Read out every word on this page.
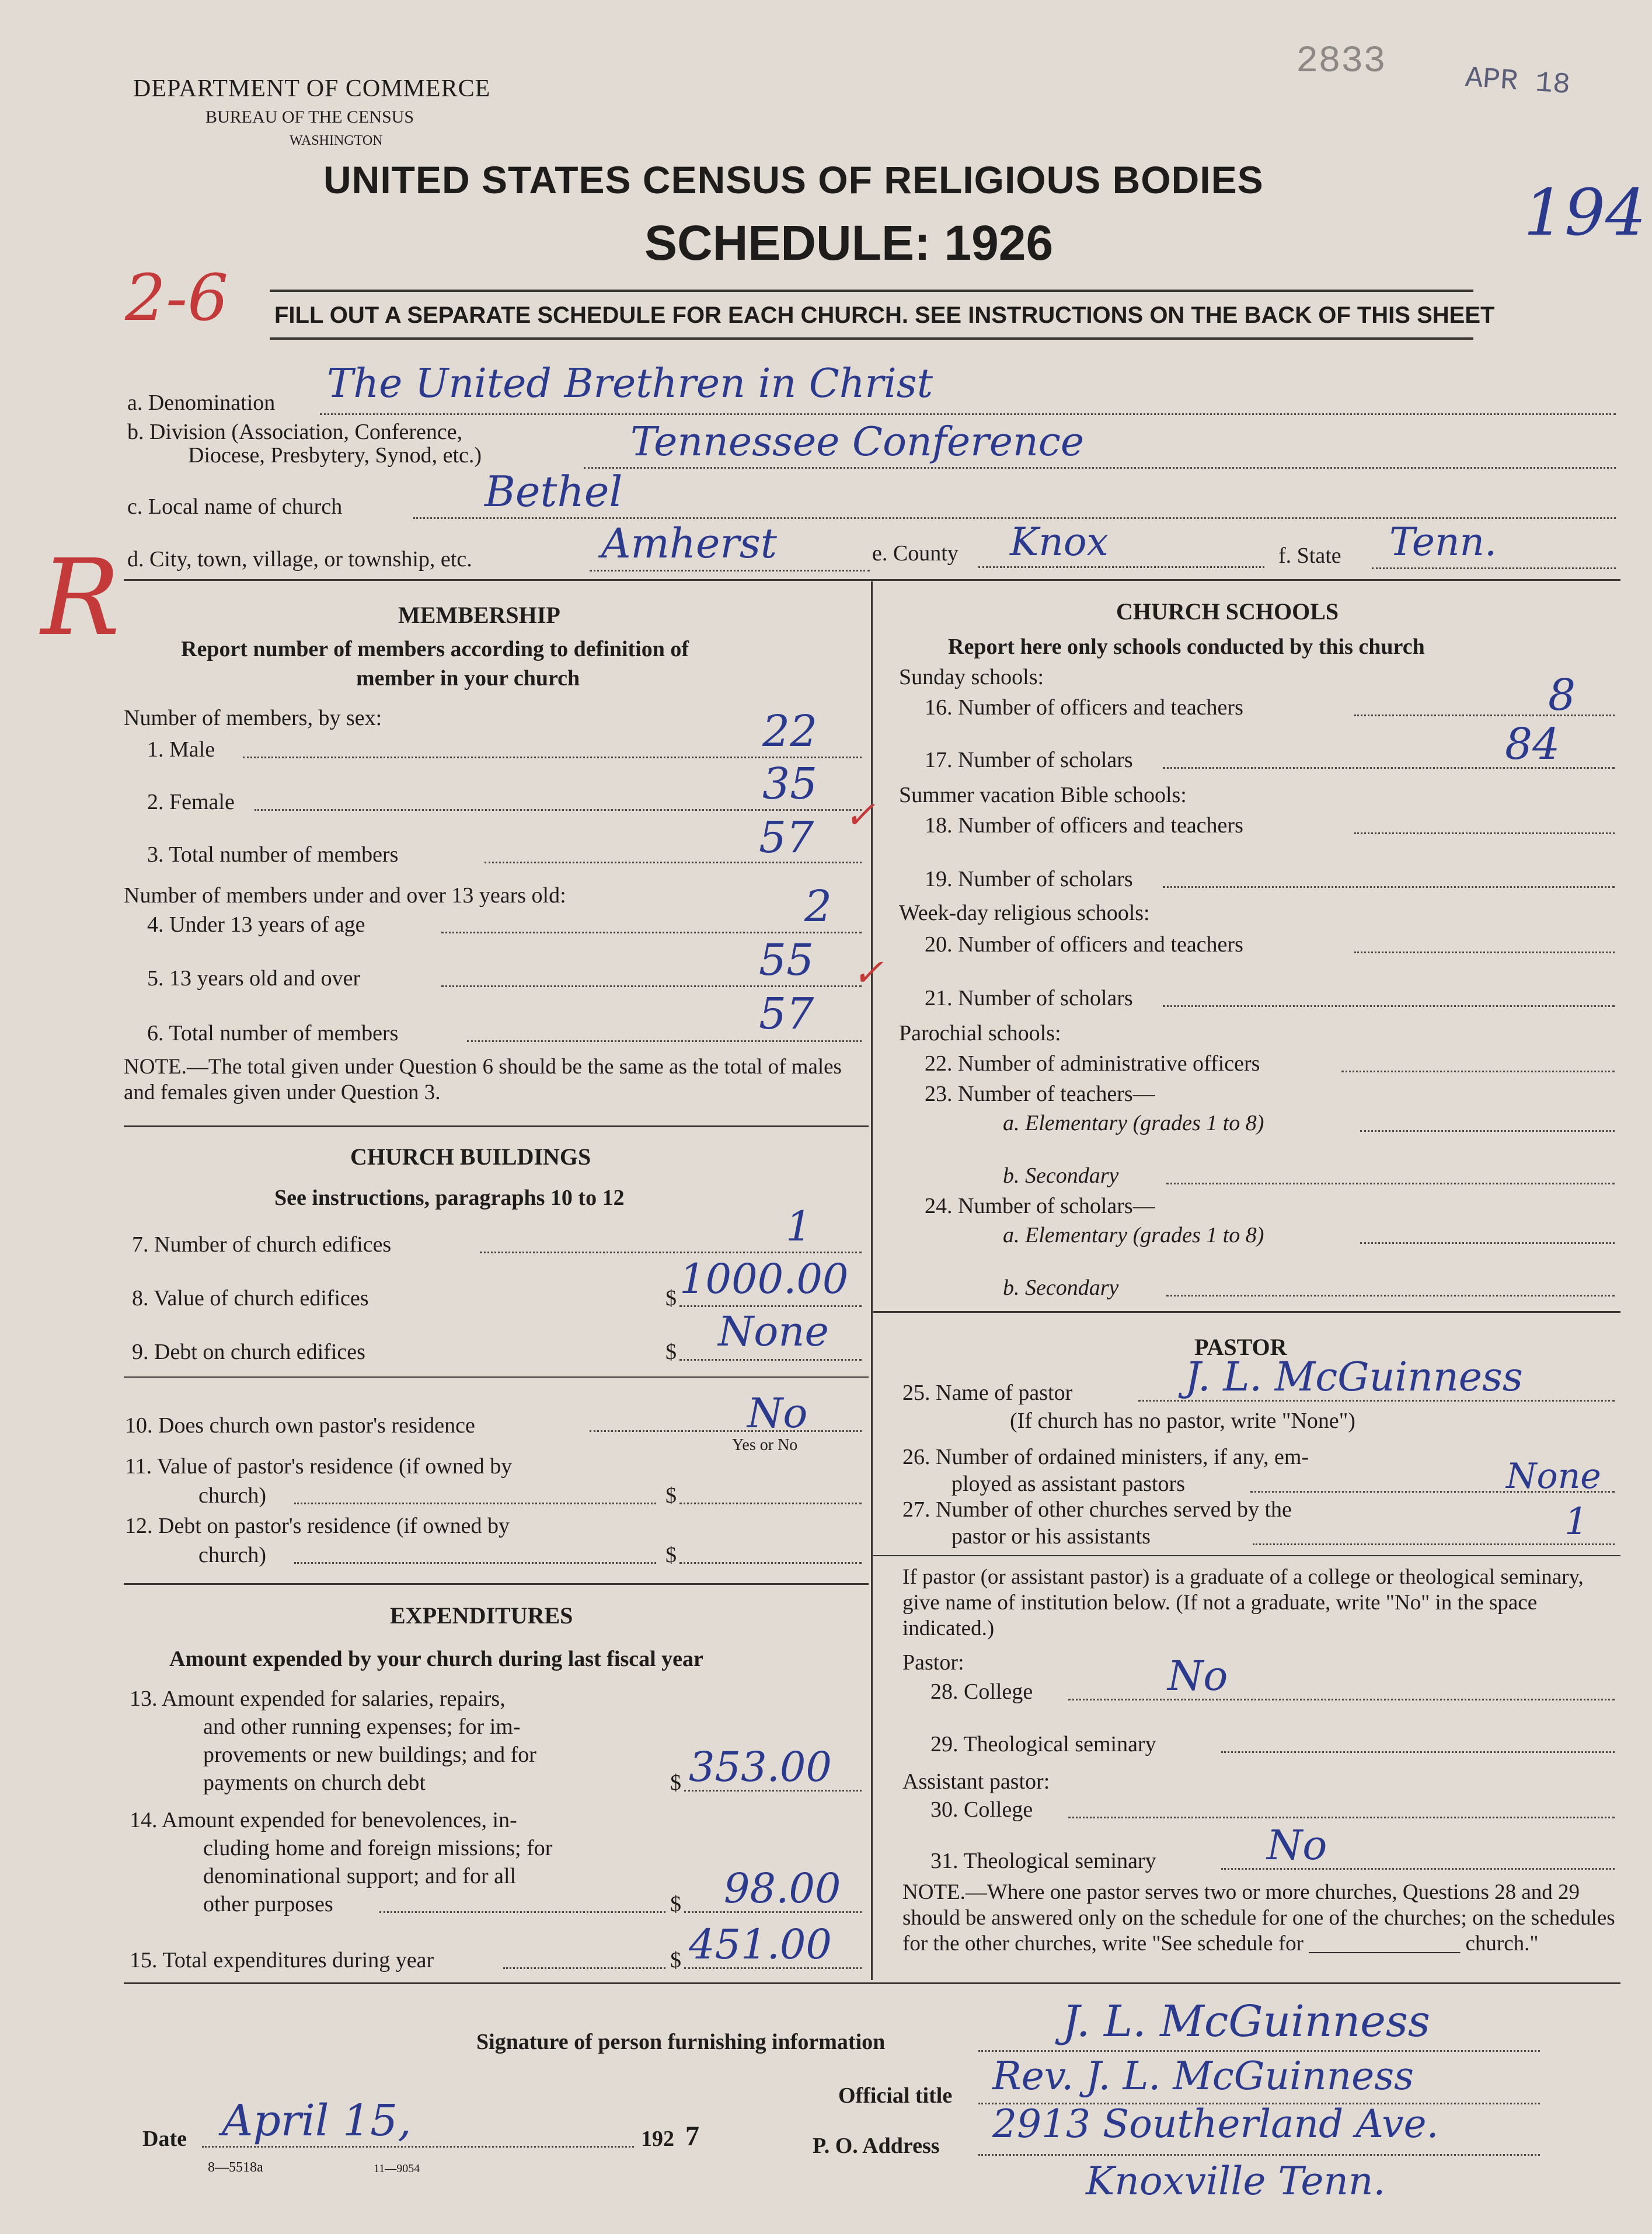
DEPARTMENT OF COMMERCE
BUREAU OF THE CENSUS
WASHINGTON
2833	APR 18
194
UNITED STATES CENSUS OF RELIGIOUS BODIES
SCHEDULE: 1926
2-6 FILL OUT A SEPARATE SCHEDULE FOR EACH CHURCH. SEE INSTRUCTIONS ON THE BACK OF THIS SHEET
a. Denomination The United Brethren in Christ
b. Division (Association, Conference,
Diocese, Presbytery, Synod, etc.)	Tennessee Conference
c. Local name of church	Bethel
d. City, town, village, or township, etc.	Amherst	e. County Knox	f. State Tenn.
R	MEMBERSHIP
Report number of members according to definition of
member in your church
Number of members, by sex:
1. Male	22
2. Female	35
3. Total number of members	57 ✓
Number of members under and over 13 years old:
4. Under 13 years of age	2
5. 13 years old and over	55 ✓
6. Total number of members	57
NOTE.—The total given under Question 6 should be the same as the total of males and females given under Question 3.
CHURCH BUILDINGS
See instructions, paragraphs 10 to 12
7. Number of church edifices	1
8. Value of church edifices	$ 1000.00
9. Debt on church edifices	$ None
10. Does church own pastor's residence	No
Yes or No
11. Value of pastor's residence (if owned by
church)	$
12. Debt on pastor's residence (if owned by
church)	$
EXPENDITURES
Amount expended by your church during last fiscal year
13. Amount expended for salaries, repairs,
and other running expenses; for im-
provements or new buildings; and for
payments on church debt	$ 353.00
14. Amount expended for benevolences, in-
cluding home and foreign missions; for
denominational support; and for all
other purposes	$ 98.00
15. Total expenditures during year	$ 451.00
CHURCH SCHOOLS
Report here only schools conducted by this church
Sunday schools:
16. Number of officers and teachers	8
17. Number of scholars	84
Summer vacation Bible schools:
18. Number of officers and teachers
19. Number of scholars
Week-day religious schools:
20. Number of officers and teachers
21. Number of scholars
Parochial schools:
22. Number of administrative officers
23. Number of teachers—
a. Elementary (grades 1 to 8)
b. Secondary
24. Number of scholars—
a. Elementary (grades 1 to 8)
b. Secondary
PASTOR
25. Name of pastor	J. L. McGuinness
(If church has no pastor, write "None")
26. Number of ordained ministers, if any, em-
ployed as assistant pastors	None
27. Number of other churches served by the
pastor or his assistants	1
If pastor (or assistant pastor) is a graduate of a college or theological seminary, give name of institution below. (If not a graduate, write "No" in the space indicated.)
Pastor:
28. College	No
29. Theological seminary
Assistant pastor:
30. College
31. Theological seminary	No
NOTE.—Where one pastor serves two or more churches, Questions 28 and 29 should be answered only on the schedule for one of the churches; on the schedules for the other churches, write "See schedule for ______________ church."
Signature of person furnishing information	J. L. McGuinness
Official title Rev. J. L. McGuinness
Date April 15,	192 7	P. O. Address 2913 Southerland Ave.
Knoxville Tenn.
8—5518a	11—9054
